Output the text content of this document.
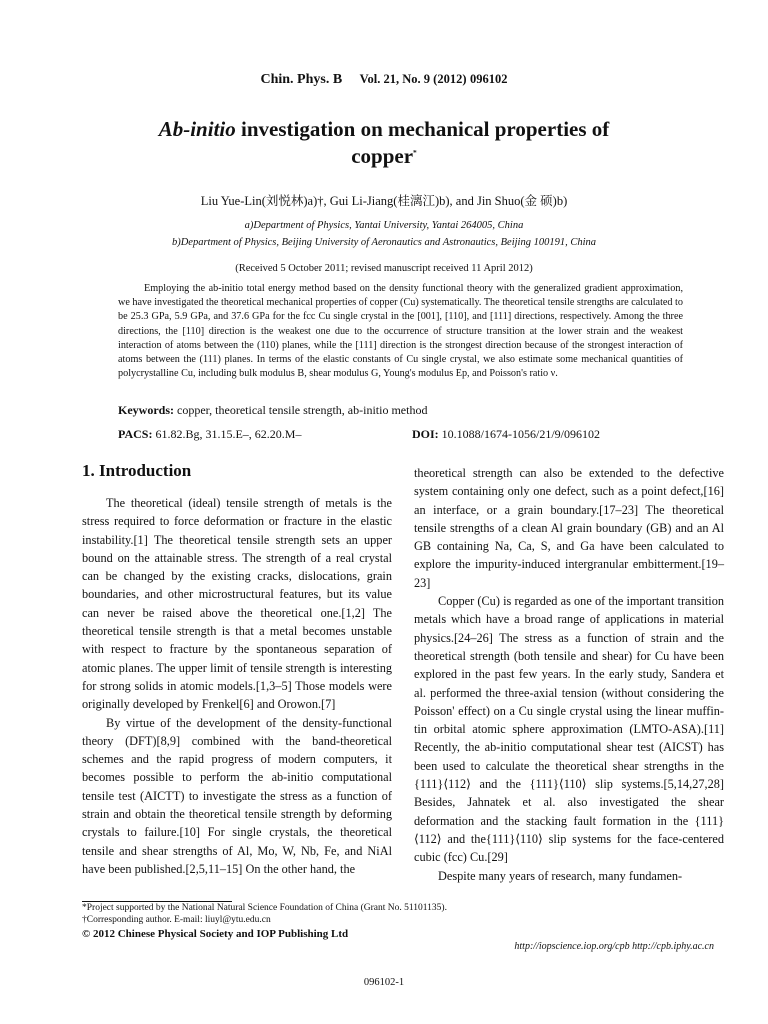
Chin. Phys. B Vol. 21, No. 9 (2012) 096102
Ab-initio investigation on mechanical properties of copper*
Liu Yue-Lin(刘悦林)a)†, Gui Li-Jiang(桂漓江)b), and Jin Shuo(金 硕)b)
a)Department of Physics, Yantai University, Yantai 264005, China
b)Department of Physics, Beijing University of Aeronautics and Astronautics, Beijing 100191, China
(Received 5 October 2011; revised manuscript received 11 April 2012)
Employing the ab-initio total energy method based on the density functional theory with the generalized gradient approximation, we have investigated the theoretical mechanical properties of copper (Cu) systematically. The theoretical tensile strengths are calculated to be 25.3 GPa, 5.9 GPa, and 37.6 GPa for the fcc Cu single crystal in the [001], [110], and [111] directions, respectively. Among the three directions, the [110] direction is the weakest one due to the occurrence of structure transition at the lower strain and the weakest interaction of atoms between the (110) planes, while the [111] direction is the strongest direction because of the strongest interaction of atoms between the (111) planes. In terms of the elastic constants of Cu single crystal, we also estimate some mechanical quantities of polycrystalline Cu, including bulk modulus B, shear modulus G, Young's modulus Ep, and Poisson's ratio ν.
Keywords: copper, theoretical tensile strength, ab-initio method
PACS: 61.82.Bg, 31.15.E–, 62.20.M–	DOI: 10.1088/1674-1056/21/9/096102
1. Introduction

The theoretical (ideal) tensile strength of metals is the stress required to force deformation or fracture in the elastic instability.[1] The theoretical tensile strength sets an upper bound on the attainable stress. The strength of a real crystal can be changed by the existing cracks, dislocations, grain boundaries, and other microstructural features, but its value can never be raised above the theoretical one.[1,2] The theoretical tensile strength is that a metal becomes unstable with respect to fracture by the spontaneous separation of atomic planes. The upper limit of tensile strength is interesting for strong solids in atomic models.[1,3–5] Those models were originally developed by Frenkel[6] and Orowon.[7]

By virtue of the development of the density-functional theory (DFT)[8,9] combined with the band-theoretical schemes and the rapid progress of modern computers, it becomes possible to perform the ab-initio computational tensile test (AICTT) to investigate the stress as a function of strain and obtain the theoretical tensile strength by deforming crystals to failure.[10] For single crystals, the theoretical tensile and shear strengths of Al, Mo, W, Nb, Fe, and NiAl have been published.[2,5,11–15] On the other hand, the

theoretical strength can also be extended to the defective system containing only one defect, such as a point defect,[16] an interface, or a grain boundary.[17–23] The theoretical tensile strengths of a clean Al grain boundary (GB) and an Al GB containing Na, Ca, S, and Ga have been calculated to explore the impurity-induced intergranular embitterment.[19–23]

Copper (Cu) is regarded as one of the important transition metals which have a broad range of applications in material physics.[24–26] The stress as a function of strain and the theoretical strength (both tensile and shear) for Cu have been explored in the past few years. In the early study, Sandera et al. performed the three-axial tension (without considering the Poisson' effect) on a Cu single crystal using the linear muffin-tin orbital atomic sphere approximation (LMTO-ASA).[11] Recently, the ab-initio computational shear test (AICST) has been used to calculate the theoretical shear strengths in the {111}⟨112⟩ and the {111}⟨110⟩ slip systems.[5,14,27,28] Besides, Jahnatek et al. also investigated the shear deformation and the stacking fault formation in the {111}⟨112⟩ and the{111}⟨110⟩ slip systems for the face-centered cubic (fcc) Cu.[29]

Despite many years of research, many fundamen-

*Project supported by the National Natural Science Foundation of China (Grant No. 51101135).
†Corresponding author. E-mail: liuyl@ytu.edu.cn
© 2012 Chinese Physical Society and IOP Publishing Ltd
http://iopscience.iop.org/cpb http://cpb.iphy.ac.cn
096102-1
